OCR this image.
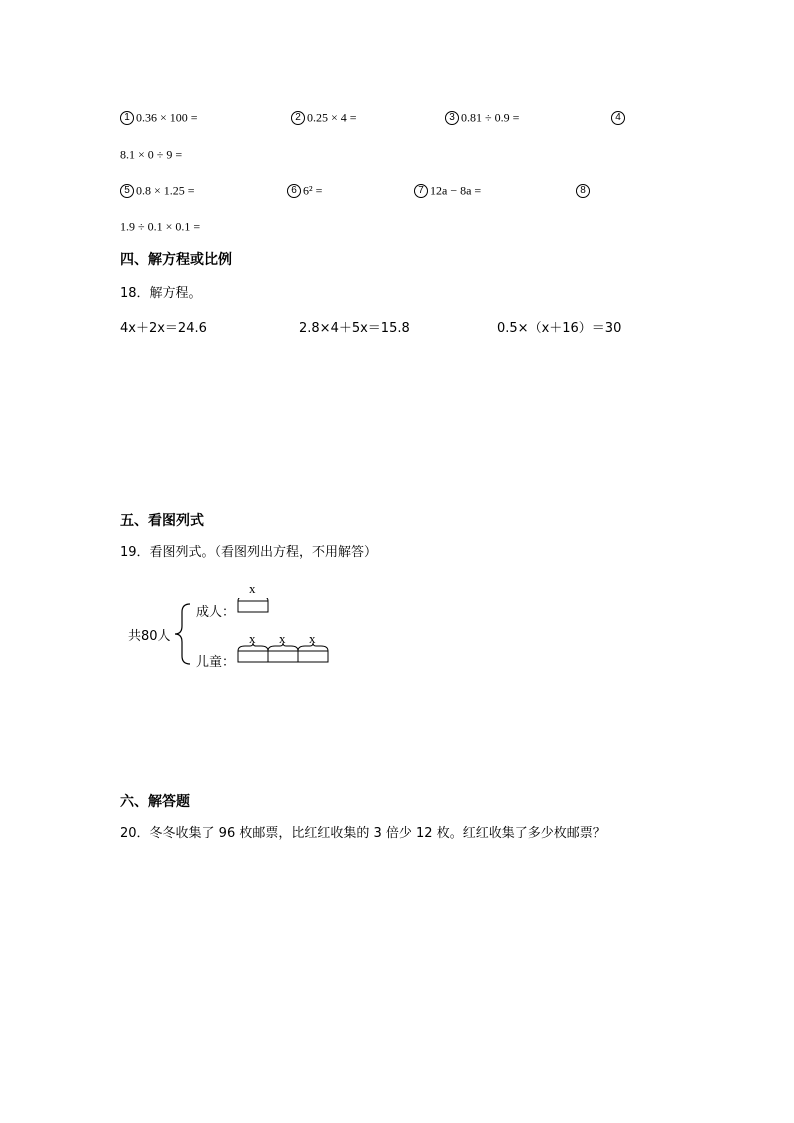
1 0.36 × 100 =	2 0.25 × 4 =	3 0.81 ÷ 0.9 =	4
8.1 × 0 ÷ 9 =
5 0.8 × 1.25 =	6 6² =	7 12a − 8a =	8
1.9 ÷ 0.1 × 0.1 =
四、解方程或比例
18．解方程。
4x＋2x＝24.6	2.8×4＋5x＝15.8	0.5×（x＋16）＝30
五、看图列式
19．看图列式。（看图列出方程，不用解答）
共80人
成人：
儿童：
x
x x x
六、解答题
20．冬冬收集了 96 枚邮票，比红红收集的 3 倍少 12 枚。红红收集了多少枚邮票？
